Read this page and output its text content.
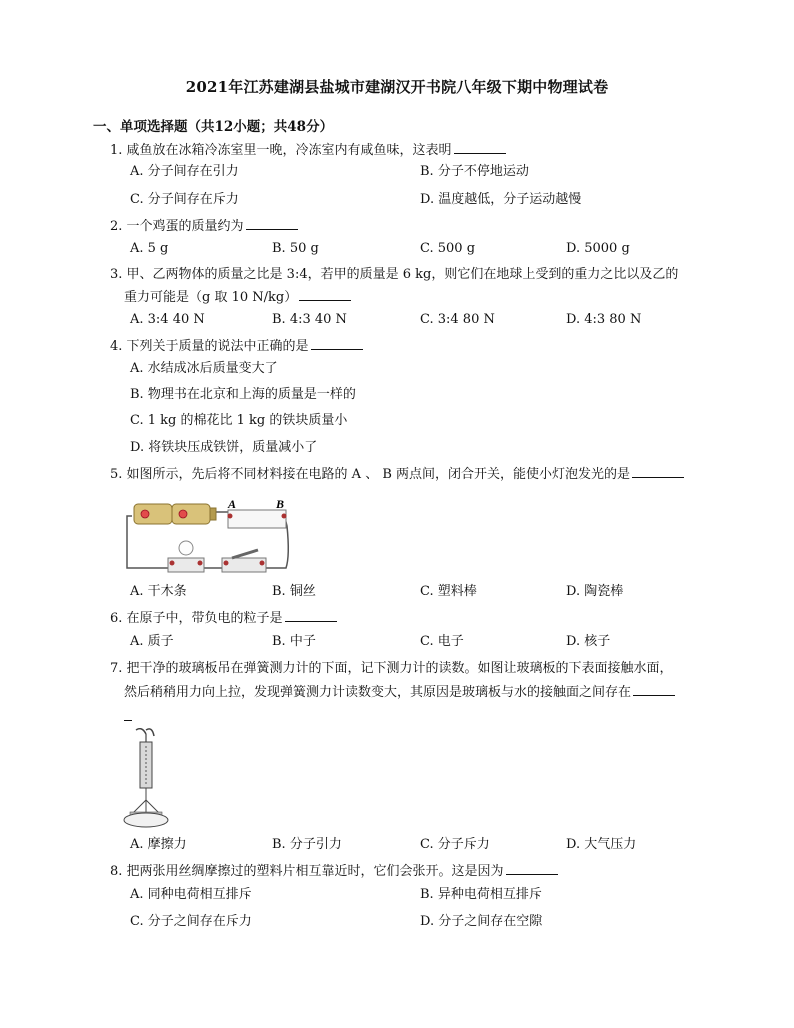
2021年江苏建湖县盐城市建湖汉开书院八年级下期中物理试卷
一、单项选择题（共12小题；共48分）
1. 咸鱼放在冰箱冷冻室里一晚，冷冻室内有咸鱼味，这表明
A. 分子间存在引力	B. 分子不停地运动
C. 分子间存在斥力	D. 温度越低，分子运动越慢
2. 一个鸡蛋的质量约为
A. 5 g	B. 50 g	C. 500 g	D. 5000 g
3. 甲、乙两物体的质量之比是 3:4，若甲的质量是 6 kg，则它们在地球上受到的重力之比以及乙的
重力可能是（g 取 10 N/kg）
A. 3:4 40 N	B. 4:3 40 N	C. 3:4 80 N	D. 4:3 80 N
4. 下列关于质量的说法中正确的是
A. 水结成冰后质量变大了
B. 物理书在北京和上海的质量是一样的
C. 1 kg 的棉花比 1 kg 的铁块质量小
D. 将铁块压成铁饼，质量减小了
5. 如图所示，先后将不同材料接在电路的 A 、 B 两点间，闭合开关，能使小灯泡发光的是
A	B
A. 干木条	B. 铜丝	C. 塑料棒	D. 陶瓷棒
6. 在原子中，带负电的粒子是
A. 质子	B. 中子	C. 电子	D. 核子
7. 把干净的玻璃板吊在弹簧测力计的下面，记下测力计的读数。如图让玻璃板的下表面接触水面，
然后稍稍用力向上拉，发现弹簧测力计读数变大，其原因是玻璃板与水的接触面之间存在
A. 摩擦力	B. 分子引力	C. 分子斥力	D. 大气压力
8. 把两张用丝绸摩擦过的塑料片相互靠近时，它们会张开。这是因为
A. 同种电荷相互排斥	B. 异种电荷相互排斥
C. 分子之间存在斥力	D. 分子之间存在空隙
